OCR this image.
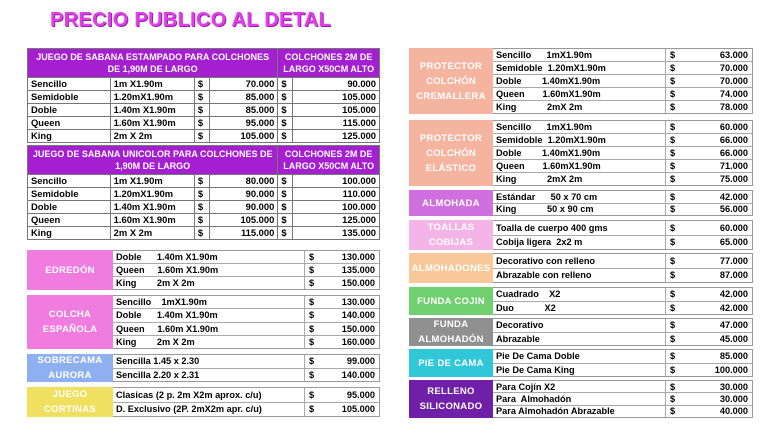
PRECIO PUBLICO AL DETAL
JUEGO DE SABANA ESTAMPADO PARA COLCHONES DE 1,90M DE LARGO				COLCHONES 2M DE LARGO X50CM ALTO	
Sencillo	1m X1.90m	$	70.000	$	90.000
Semidoble	1.20mX1.90m	$	85.000	$	105.000
Doble	1.40m X1.90m	$	85.000	$	105.000
Queen	1.60m X1.90m	$	95.000	$	115.000
King	2m X 2m	$	105.000	$	125.000
JUEGO DE SABANA UNICOLOR PARA COLCHONES DE 1,90M DE LARGO				COLCHONES 2M DE LARGO X50CM ALTO	
Sencillo	1m X1.90m	$	80.000	$	100.000
Semidoble	1.20mX1.90m	$	90.000	$	110.000
Doble	1.40m X1.90m	$	90.000	$	100.000
Queen	1.60m X1.90m	$	105.000	$	125.000
King	2m X 2m	$	115.000	$	135.000
EDREDÓN
Doble      1.40m X1.90m	$	130.000
Queen     1.60m X1.90m	$	135.000
King        2m X 2m	$	150.000
COLCHA ESPAÑOLA
Sencillo    1mX1.90m	$	130.000
Doble      1.40m X1.90m	$	140.000
Queen     1.60m X1.90m	$	150.000
King        2m X 2m	$	160.000
SOBRECAMA AURORA
Sencilla 1.45 x 2.30	$	99.000
Sencilla 2.20 x 2.31	$	140.000
JUEGO CORTINAS
Clasicas (2 p. 2m X2m aprox. c/u)	$	95.000
D. Exclusivo (2P. 2mX2m apr. c/u)	$	105.000
PROTECTOR COLCHÓN CREMALLERA
Sencillo      1mX1.90m	$	63.000
Semidoble  1.20mX1.90m	$	70.000
Doble        1.40mX1.90m	$	70.000
Queen       1.60mX1.90m	$	74.000
King            2mX 2m	$	78.000
PROTECTOR COLCHÓN ELÁSTICO
Sencillo      1mX1.90m	$	60.000
Semidoble  1.20mX1.90m	$	66.000
Doble        1.40mX1.90m	$	66.000
Queen       1.60mX1.90m	$	71.000
King            2mX 2m	$	75.000
ALMOHADA
Estándar      50 x 70 cm	$	42.000
King            50 x 90 cm	$	56.000
TOALLAS COBIJAS
Toalla de cuerpo 400 gms	$	60.000
Cobija ligera  2x2 m	$	65.000
ALMOHADONES
Decorativo con relleno	$	77.000
Abrazable con relleno	$	87.000
FUNDA COJIN
Cuadrado    X2	$	42.000
Duo            X2	$	42.000
FUNDA ALMOHADÓN
Decorativo	$	47.000
Abrazable	$	45.000
PIE DE CAMA
Pie De Cama Doble	$	85.000
Pie De Cama King	$	100.000
RELLENO SILICONADO
Para Cojín X2	$	30.000
Para  Almohadón	$	30.000
Para Almohadón Abrazable	$	40.000
